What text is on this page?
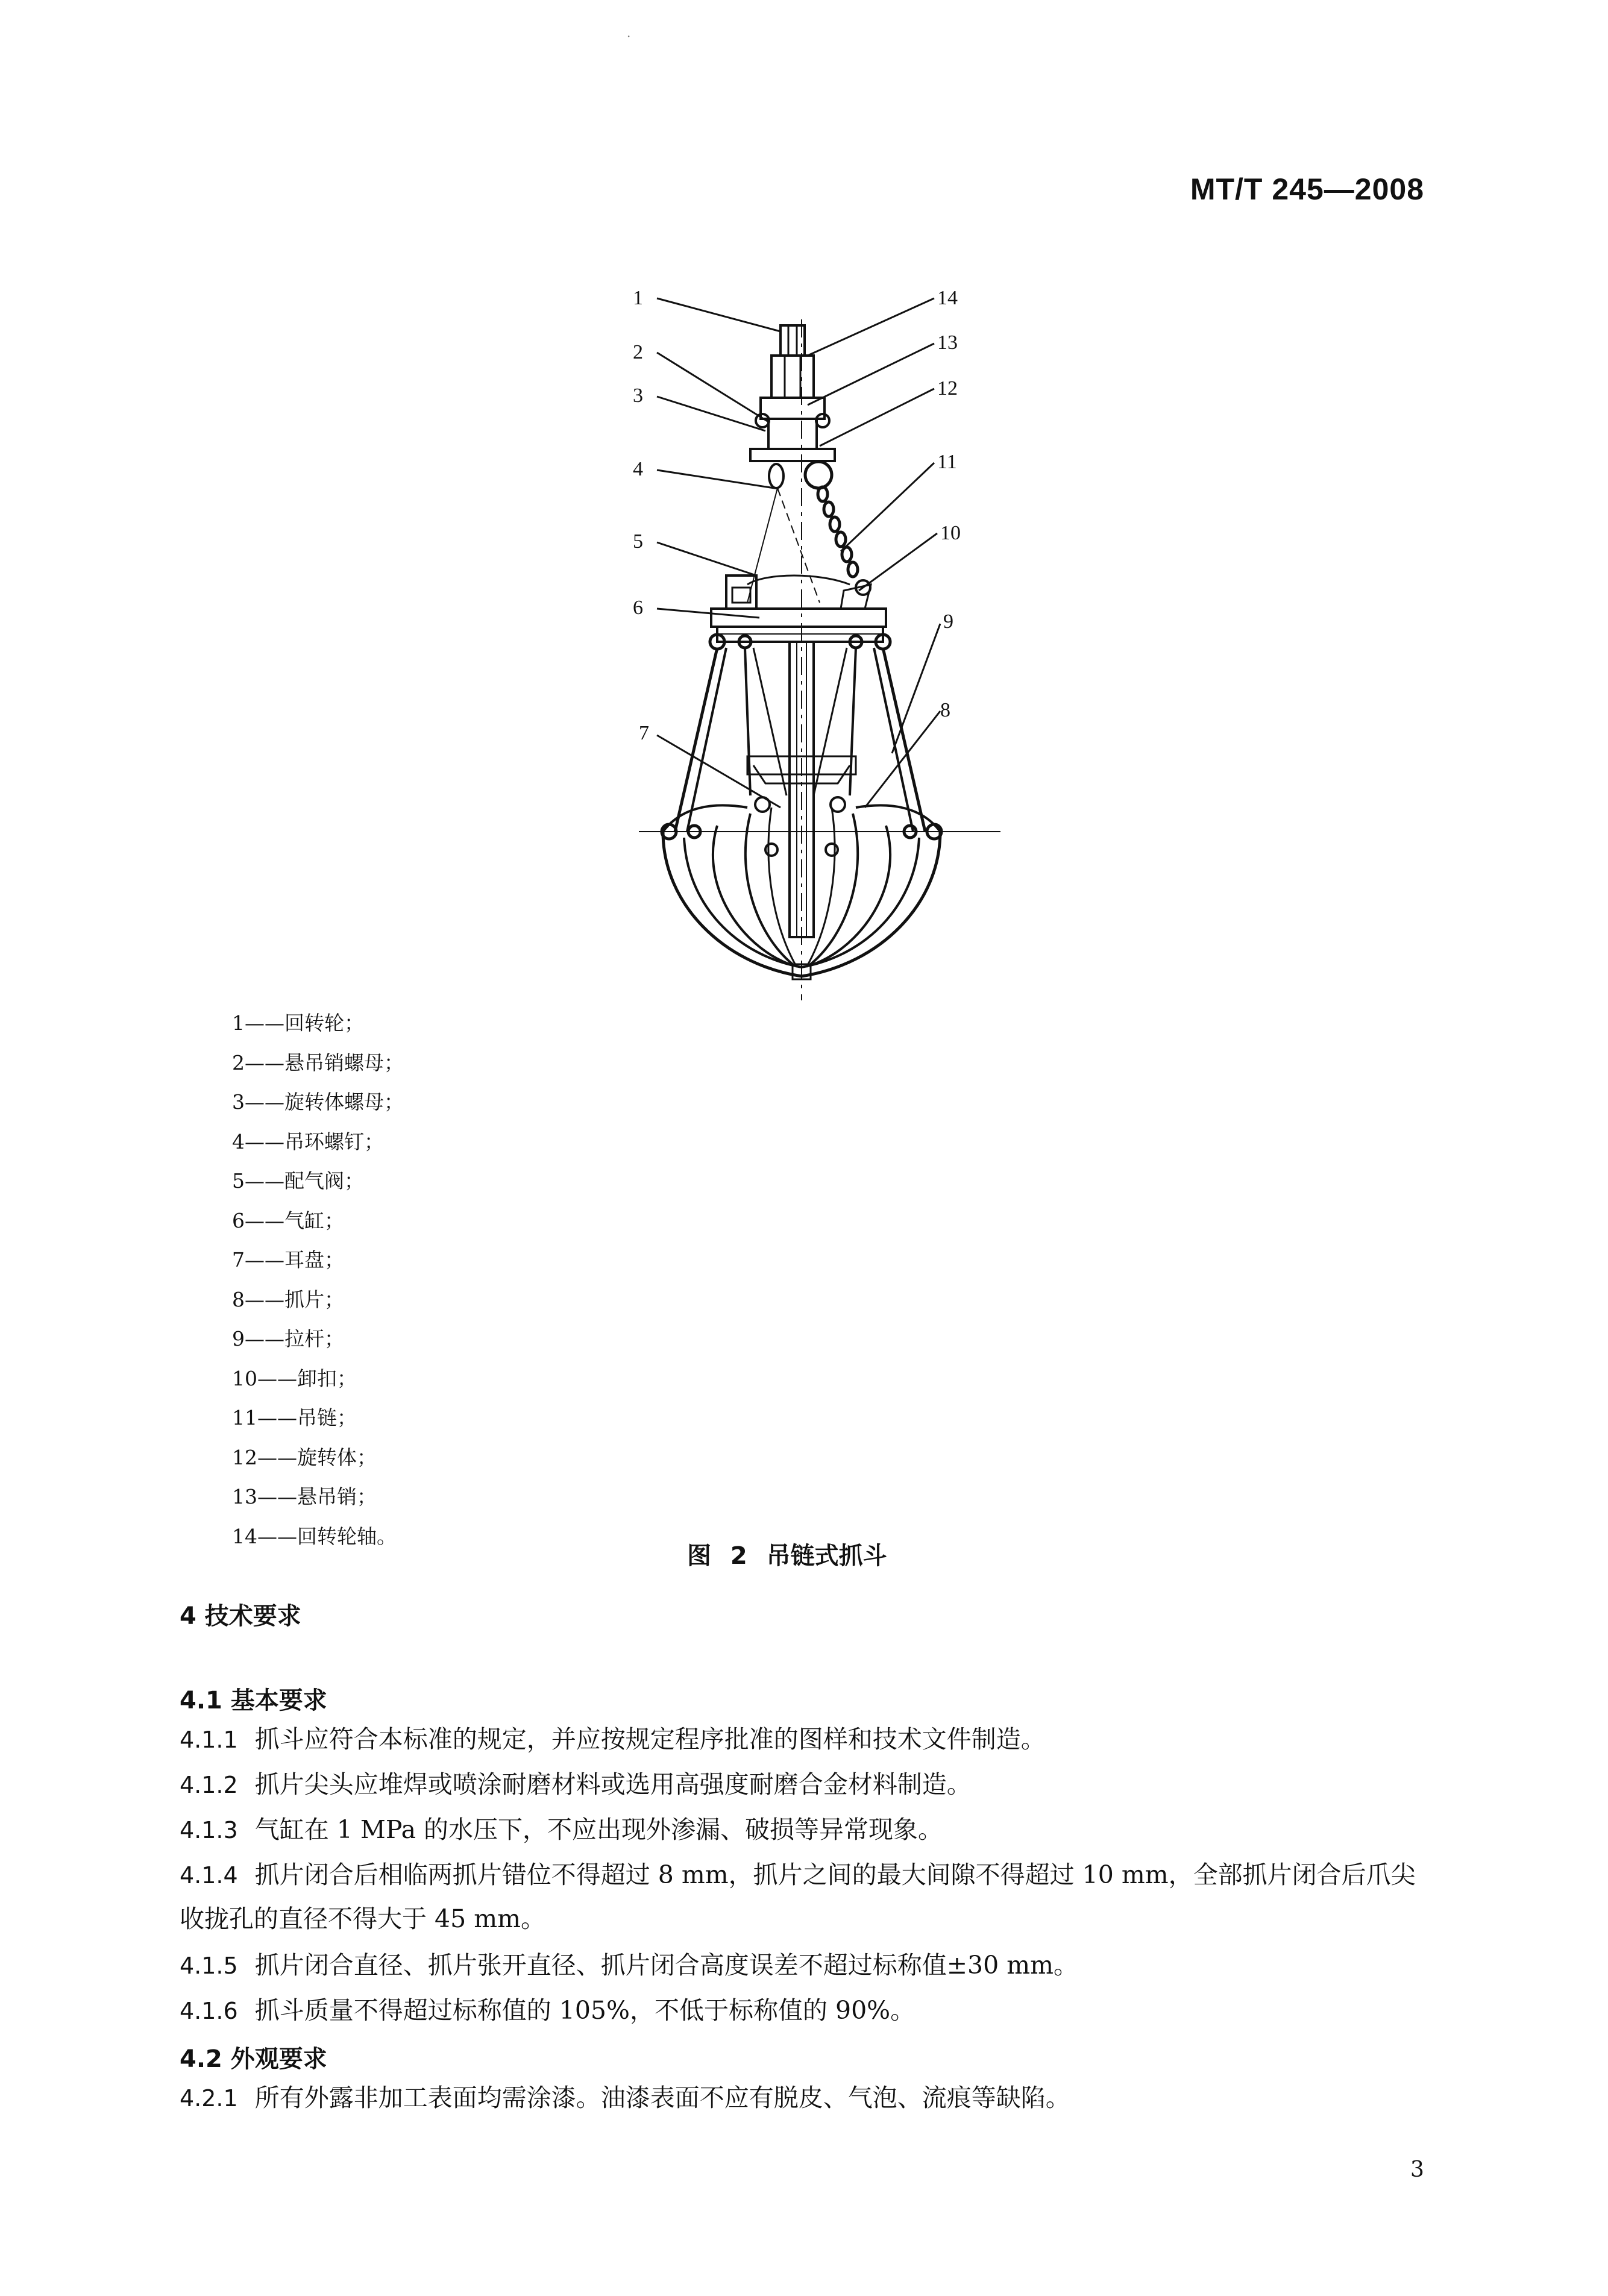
·
MT/T 245—2008
1
2
3
4
5
6
7
8
9
10
11
12
13
14
1——回转轮；
2——悬吊销螺母；
3——旋转体螺母；
4——吊环螺钉；
5——配气阀；
6——气缸；
7——耳盘；
8——抓片；
9——拉杆；
10——卸扣；
11——吊链；
12——旋转体；
13——悬吊销；
14——回转轮轴。
图 2 吊链式抓斗
4 技术要求
4.1 基本要求
4.1.1 抓斗应符合本标准的规定，并应按规定程序批准的图样和技术文件制造。
4.1.2 抓片尖头应堆焊或喷涂耐磨材料或选用高强度耐磨合金材料制造。
4.1.3 气缸在 1 MPa 的水压下，不应出现外渗漏、破损等异常现象。
4.1.4 抓片闭合后相临两抓片错位不得超过 8 mm，抓片之间的最大间隙不得超过 10 mm，全部抓片闭合后爪尖收拢孔的直径不得大于 45 mm。
4.1.5 抓片闭合直径、抓片张开直径、抓片闭合高度误差不超过标称值±30 mm。
4.1.6 抓斗质量不得超过标称值的 105%，不低于标称值的 90%。
4.2 外观要求
4.2.1 所有外露非加工表面均需涂漆。油漆表面不应有脱皮、气泡、流痕等缺陷。
3
